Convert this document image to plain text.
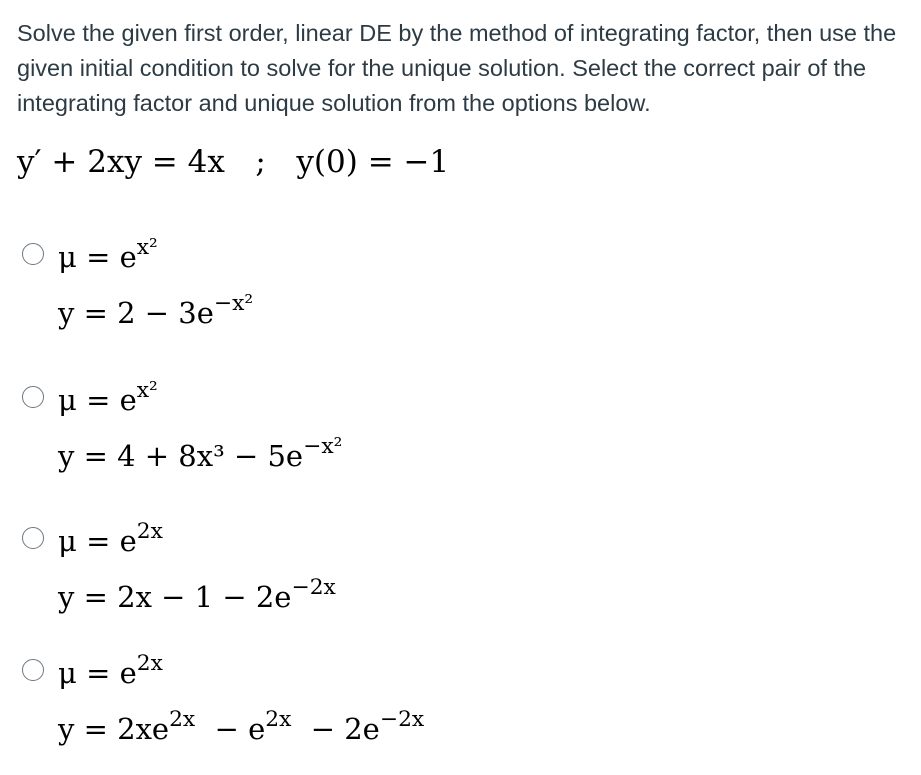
Solve the given first order, linear DE by the method of integrating factor, then use the given initial condition to solve for the unique solution. Select the correct pair of the integrating factor and unique solution from the options below.
y′ + 2xy = 4x ; y(0) = −1
$\mu = e^{x^2}$
$y = 2 - 3e^{-x^2}$
$\mu = e^{x^2}$
$y = 4 + 8x^3 - 5e^{-x^2}$
$\mu = e^{2x}$
$y = 2x - 1 - 2e^{-2x}$
$\mu = e^{2x}$
$y = 2xe^{2x} - e^{2x} - 2e^{-2x}$
